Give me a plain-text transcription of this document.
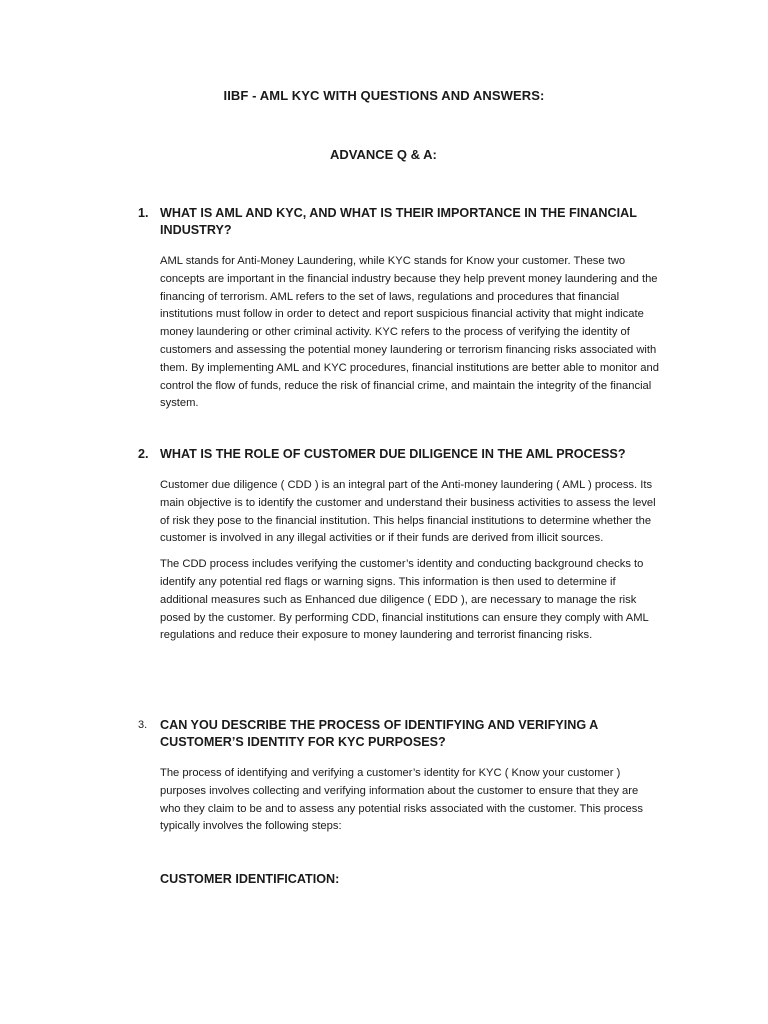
IIBF - AML KYC WITH QUESTIONS AND ANSWERS:
ADVANCE Q & A:
1. WHAT IS AML AND KYC, AND WHAT IS THEIR IMPORTANCE IN THE FINANCIAL INDUSTRY?
AML stands for Anti-Money Laundering, while KYC stands for Know your customer. These two concepts are important in the financial industry because they help prevent money laundering and the financing of terrorism. AML refers to the set of laws, regulations and procedures that financial institutions must follow in order to detect and report suspicious financial activity that might indicate money laundering or other criminal activity. KYC refers to the process of verifying the identity of customers and assessing the potential money laundering or terrorism financing risks associated with them. By implementing AML and KYC procedures, financial institutions are better able to monitor and control the flow of funds, reduce the risk of financial crime, and maintain the integrity of the financial system.
2. WHAT IS THE ROLE OF CUSTOMER DUE DILIGENCE IN THE AML PROCESS?
Customer due diligence ( CDD ) is an integral part of the Anti-money laundering ( AML ) process. Its main objective is to identify the customer and understand their business activities to assess the level of risk they pose to the financial institution. This helps financial institutions to determine whether the customer is involved in any illegal activities or if their funds are derived from illicit sources.
The CDD process includes verifying the customer’s identity and conducting background checks to identify any potential red flags or warning signs. This information is then used to determine if additional measures such as Enhanced due diligence ( EDD ), are necessary to manage the risk posed by the customer. By performing CDD, financial institutions can ensure they comply with AML regulations and reduce their exposure to money laundering and terrorist financing risks.
3.	CAN YOU DESCRIBE THE PROCESS OF IDENTIFYING AND VERIFYING A CUSTOMER’S IDENTITY FOR KYC PURPOSES?
The process of identifying and verifying a customer’s identity for KYC ( Know your customer ) purposes involves collecting and verifying information about the customer to ensure that they are who they claim to be and to assess any potential risks associated with the customer. This process typically involves the following steps:
CUSTOMER IDENTIFICATION:
